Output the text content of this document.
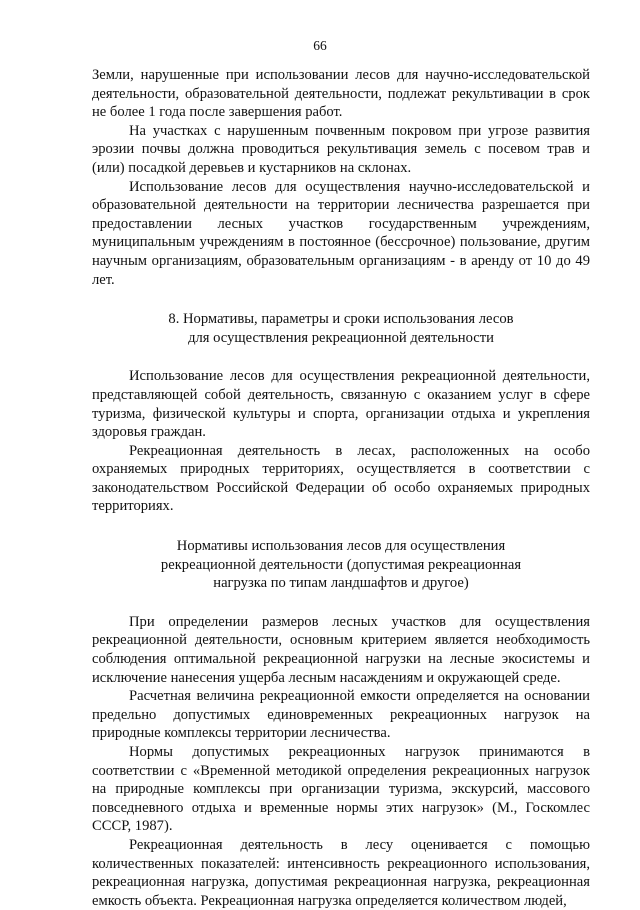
66

Земли, нарушенные при использовании лесов для научно-исследовательской деятельности, образовательной деятельности, подлежат рекультивации в срок не более 1 года после завершения работ.

На участках с нарушенным почвенным покровом при угрозе развития эрозии почвы должна проводиться рекультивация земель с посевом трав и (или) посадкой деревьев и кустарников на склонах.

Использование лесов для осуществления научно-исследовательской и образовательной деятельности на территории лесничества разрешается при предоставлении лесных участков государственным учреждениям, муниципальным учреждениям в постоянное (бессрочное) пользование, другим научным организациям, образовательным организациям - в аренду от 10 до 49 лет.

8. Нормативы, параметры и сроки использования лесов
для осуществления рекреационной деятельности

Использование лесов для осуществления рекреационной деятельности, представляющей собой деятельность, связанную с оказанием услуг в сфере туризма, физической культуры и спорта, организации отдыха и укрепления здоровья граждан.

Рекреационная деятельность в лесах, расположенных на особо охраняемых природных территориях, осуществляется в соответствии с законодательством Российской Федерации об особо охраняемых природных территориях.

Нормативы использования лесов для осуществления
рекреационной деятельности (допустимая рекреационная
нагрузка по типам ландшафтов и другое)

При определении размеров лесных участков для осуществления рекреационной деятельности, основным критерием является необходимость соблюдения оптимальной рекреационной нагрузки на лесные экосистемы и исключение нанесения ущерба лесным насаждениям и окружающей среде.

Расчетная величина рекреационной емкости определяется на основании предельно допустимых единовременных рекреационных нагрузок на природные комплексы территории лесничества.

Нормы допустимых рекреационных нагрузок принимаются в соответствии с «Временной методикой определения рекреационных нагрузок на природные комплексы при организации туризма, экскурсий, массового повседневного отдыха и временные нормы этих нагрузок» (М., Госкомлес СССР, 1987).

Рекреационная деятельность в лесу оценивается с помощью количественных показателей: интенсивность рекреационного использования, рекреационная нагрузка, допустимая рекреационная нагрузка, рекреационная емкость объекта. Рекреационная нагрузка определяется количеством людей,
